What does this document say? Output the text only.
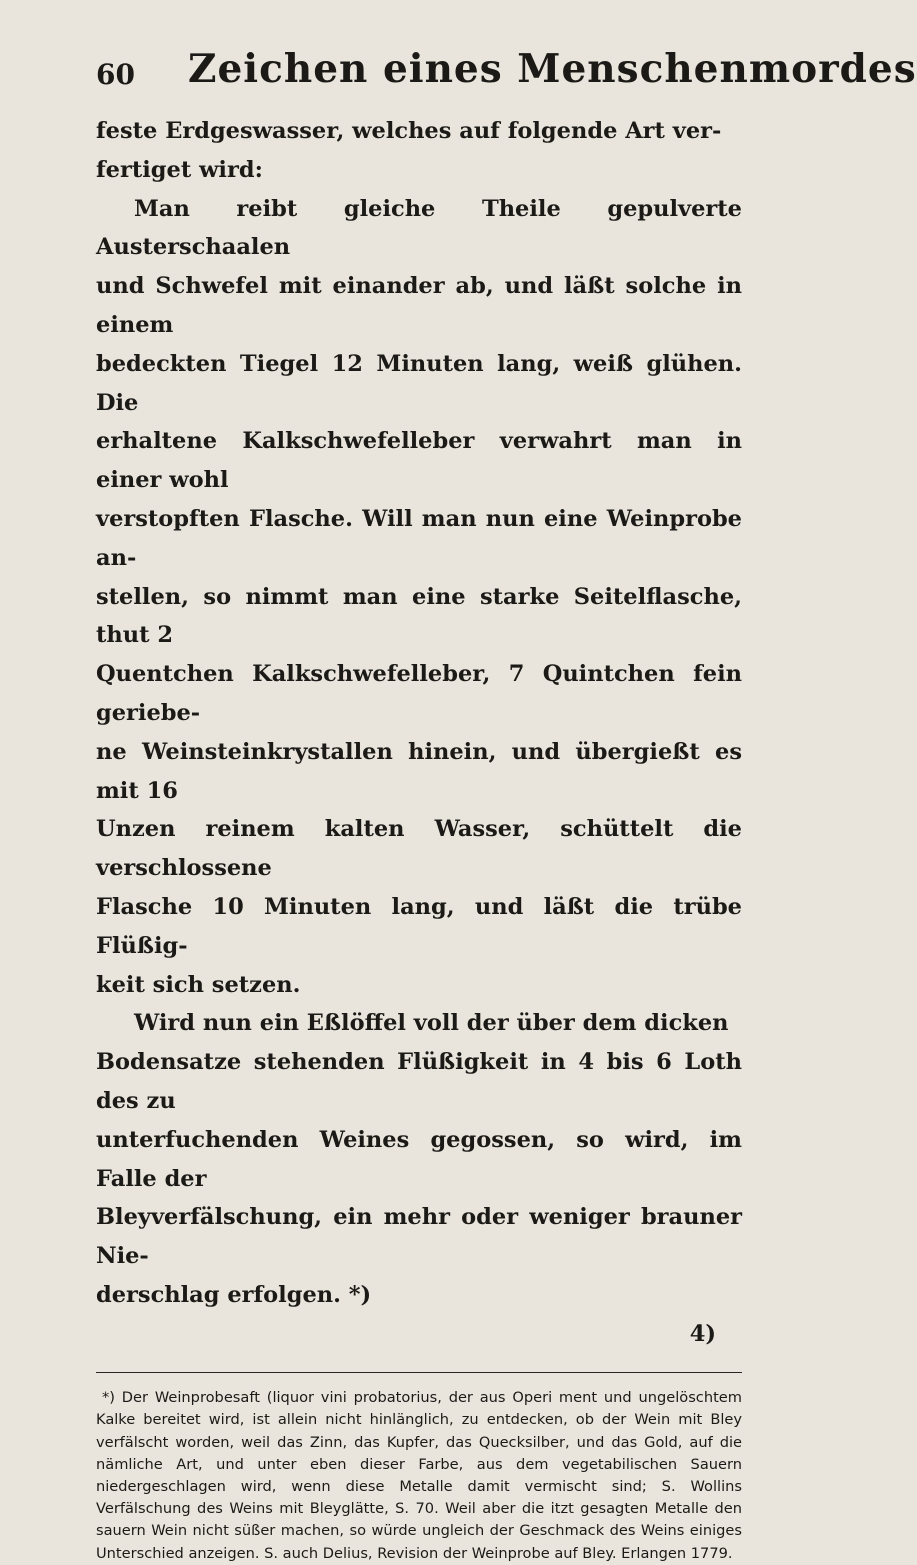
60 Zeichen eines Menschenmordes

feste Erdgeswasser, welches auf folgende Art ver-

fertiget wird:

Man reibt gleiche Theile gepulverte Austerschaalen

und Schwefel mit einander ab, und läßt solche in einem

bedeckten Tiegel 12 Minuten lang, weiß glühen. Die

erhaltene Kalkschwefelleber verwahrt man in einer wohl

verstopften Flasche. Will man nun eine Weinprobe an-

stellen, so nimmt man eine starke Seitelflasche, thut 2

Quentchen Kalkschwefelleber, 7 Quintchen fein geriebe-

ne Weinsteinkrystallen hinein, und übergießt es mit 16

Unzen reinem kalten Wasser, schüttelt die verschlossene

Flasche 10 Minuten lang, und läßt die trübe Flüßig-

keit sich setzen.

Wird nun ein Eßlöffel voll der über dem dicken

Bodensatze stehenden Flüßigkeit in 4 bis 6 Loth des zu

unterfuchenden Weines gegossen, so wird, im Falle der

Bleyverfälschung, ein mehr oder weniger brauner Nie-

derschlag erfolgen. *)

4)

*) Der Weinprobesaft (liquor vini probatorius, der aus Operi ment und ungelöschtem Kalke bereitet wird, ist allein nicht hinlänglich, zu entdecken, ob der Wein mit Bley verfälscht worden, weil das Zinn, das Kupfer, das Quecksilber, und das Gold, auf die nämliche Art, und unter eben dieser Farbe, aus dem vegetabilischen Sauern niedergeschlagen wird, wenn diese Metalle damit vermischt sind; S. Wollins Verfälschung des Weins mit Bleyglätte, S. 70. Weil aber die itzt gesagten Metalle den sauern Wein nicht süßer machen, so würde ungleich der Geschmack des Weins einiges Unterschied anzeigen. S. auch Delius, Revision der Weinprobe auf Bley. Erlangen 1779.
